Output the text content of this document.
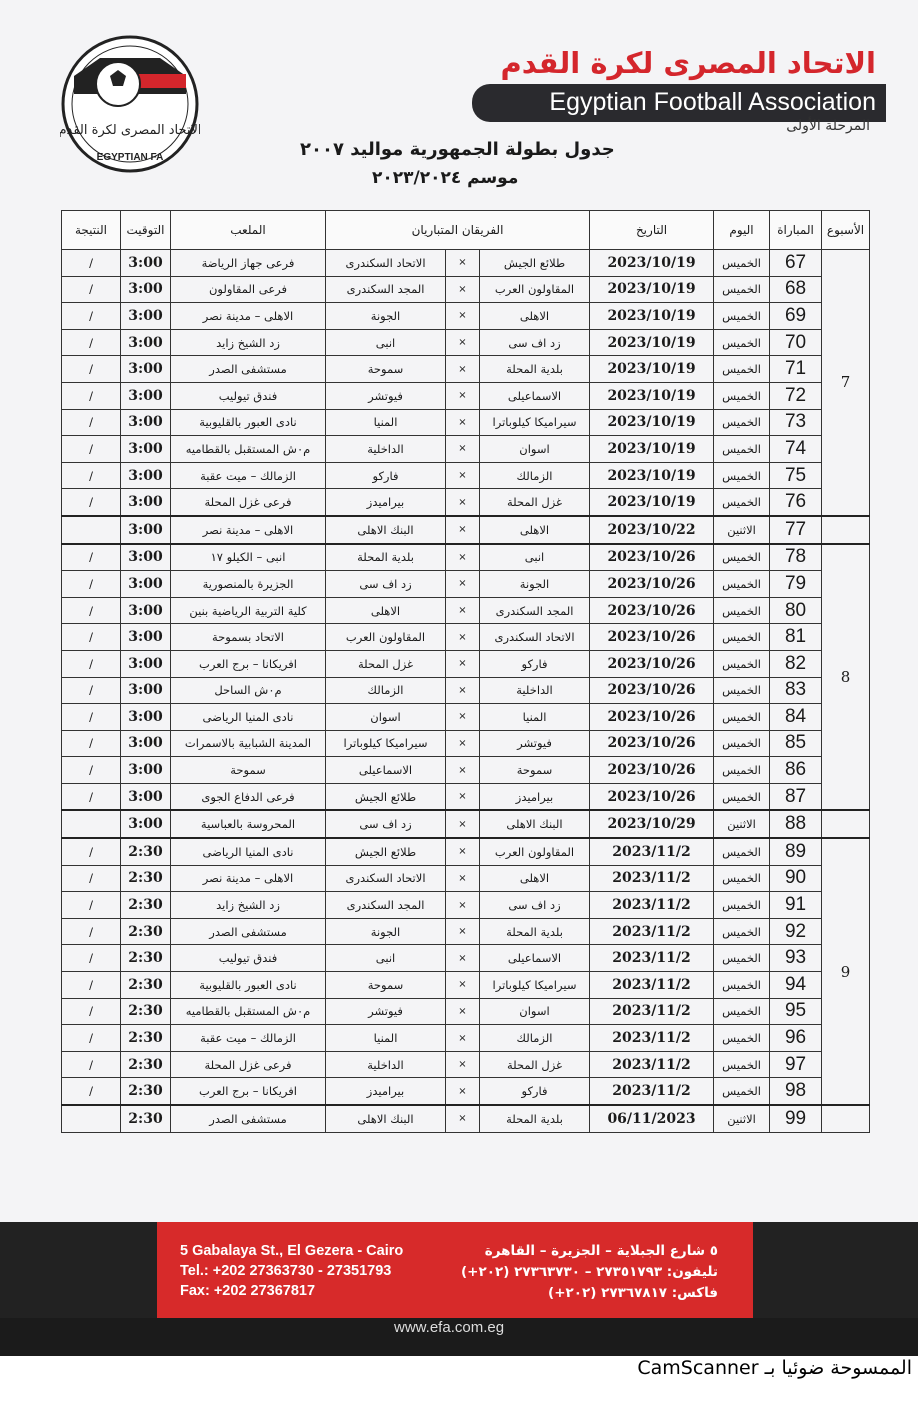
الاتحاد المصرى لكرة القدم
EGYPTIAN FA
الاتحاد المصرى لكرة القدم
Egyptian Football Association
المرحلة الأولى
جدول بطولة الجمهورية مواليد ٢٠٠٧
موسم ٢٠٢٣/٢٠٢٤
النتيجة	التوقيت	الملعب	الفريقان المتباريان			التاريخ	اليوم	المباراة	الأسبوع
/	3:00	فرعى جهاز الرياضة	الاتحاد السكندرى	×	طلائع الجيش	2023/10/19	الخميس	67	7
/	3:00	فرعى المقاولون	المجد السكندرى	×	المقاولون العرب	2023/10/19	الخميس	68	
/	3:00	الاهلى – مدينة نصر	الجونة	×	الاهلى	2023/10/19	الخميس	69	
/	3:00	زد الشيخ زايد	انبى	×	زد اف سى	2023/10/19	الخميس	70	
/	3:00	مستشفى الصدر	سموحة	×	بلدية المحلة	2023/10/19	الخميس	71	
/	3:00	فندق تيوليب	فيوتشر	×	الاسماعيلى	2023/10/19	الخميس	72	
/	3:00	نادى العبور بالقليوبية	المنيا	×	سيراميكا كيلوباترا	2023/10/19	الخميس	73	
/	3:00	م٠ش المستقبل بالقطاميه	الداخلية	×	اسوان	2023/10/19	الخميس	74	
/	3:00	الزمالك – ميت عقبة	فاركو	×	الزمالك	2023/10/19	الخميس	75	
/	3:00	فرعى غزل المحلة	بيراميدز	×	غزل المحلة	2023/10/19	الخميس	76	
	3:00	الاهلى – مدينة نصر	البنك الاهلى	×	الاهلى	2023/10/22	الاثنين	77	
/	3:00	انبى – الكيلو ١٧	بلدية المحلة	×	انبى	2023/10/26	الخميس	78	8
/	3:00	الجزيرة بالمنصورية	زد اف سى	×	الجونة	2023/10/26	الخميس	79	
/	3:00	كلية التربية الرياضية بنين	الاهلى	×	المجد السكندرى	2023/10/26	الخميس	80	
/	3:00	الاتحاد بسموحة	المقاولون العرب	×	الاتحاد السكندرى	2023/10/26	الخميس	81	
/	3:00	افريكانا – برج العرب	غزل المحلة	×	فاركو	2023/10/26	الخميس	82	
/	3:00	م٠ش الساحل	الزمالك	×	الداخلية	2023/10/26	الخميس	83	
/	3:00	نادى المنيا الرياضى	اسوان	×	المنيا	2023/10/26	الخميس	84	
/	3:00	المدينة الشبابية بالاسمرات	سيراميكا كيلوباترا	×	فيوتشر	2023/10/26	الخميس	85	
/	3:00	سموحة	الاسماعيلى	×	سموحة	2023/10/26	الخميس	86	
/	3:00	فرعى الدفاع الجوى	طلائع الجيش	×	بيراميدز	2023/10/26	الخميس	87	
	3:00	المحروسة بالعباسية	زد اف سى	×	البنك الاهلى	2023/10/29	الاثنين	88	
/	2:30	نادى المنيا الرياضى	طلائع الجيش	×	المقاولون العرب	2023/11/2	الخميس	89	9
/	2:30	الاهلى – مدينة نصر	الاتحاد السكندرى	×	الاهلى	2023/11/2	الخميس	90	
/	2:30	زد الشيخ زايد	المجد السكندرى	×	زد اف سى	2023/11/2	الخميس	91	
/	2:30	مستشفى الصدر	الجونة	×	بلدية المحلة	2023/11/2	الخميس	92	
/	2:30	فندق تيوليب	انبى	×	الاسماعيلى	2023/11/2	الخميس	93	
/	2:30	نادى العبور بالقليوبية	سموحة	×	سيراميكا كيلوباترا	2023/11/2	الخميس	94	
/	2:30	م٠ش المستقبل بالقطاميه	فيوتشر	×	اسوان	2023/11/2	الخميس	95	
/	2:30	الزمالك – ميت عقبة	المنيا	×	الزمالك	2023/11/2	الخميس	96	
/	2:30	فرعى غزل المحلة	الداخلية	×	غزل المحلة	2023/11/2	الخميس	97	
/	2:30	افريكانا – برج العرب	بيراميدز	×	فاركو	2023/11/2	الخميس	98	
	2:30	مستشفى الصدر	البنك الاهلى	×	بلدية المحلة	06/11/2023	الاثنين	99	
5 Gabalaya St., El Gezera - Cairo
Tel.: +202 27363730 - 27351793
Fax: +202 27367817
٥ شارع الجبلاية – الجزيرة – القاهرة
تليفون: ٢٧٣٥١٧٩٣ – ٢٧٣٦٣٧٣٠ (٢٠٢+)
فاكس: ٢٧٣٦٧٨١٧ (٢٠٢+)
www.efa.com.eg
الممسوحة ضوئيا بـ CamScanner
